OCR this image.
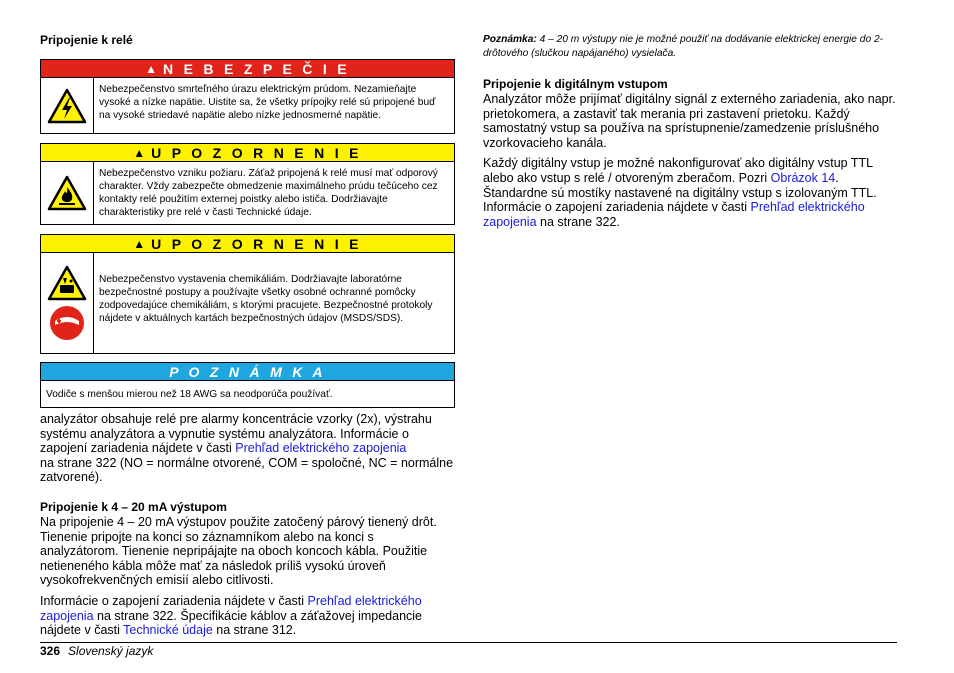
Pripojenie k relé
▲ N E B E Z P E Č I E
Nebezpečenstvo smrteľného úrazu elektrickým prúdom. Nezamieňajte vysoké a nízke napätie. Uistite sa, že všetky prípojky relé sú pripojené buď na vysoké striedavé napätie alebo nízke jednosmerné napätie.
▲ U P O Z O R N E N I E
Nebezpečenstvo vzniku požiaru. Záťaž pripojená k relé musí mať odporový charakter. Vždy zabezpečte obmedzenie maximálneho prúdu tečúceho cez kontakty relé použitím externej poistky alebo ističa. Dodržiavajte charakteristiky pre relé v časti Technické údaje.
▲ U P O Z O R N E N I E
Nebezpečenstvo vystavenia chemikáliám. Dodržiavajte laboratórne bezpečnostné postupy a používajte všetky osobné ochranné pomôcky zodpovedajúce chemikáliám, s ktorými pracujete. Bezpečnostné protokoly nájdete v aktuálnych kartách bezpečnostných údajov (MSDS/SDS).
P O Z N Á M K A
Vodiče s menšou mierou než 18 AWG sa neodporúča používať.

analyzátor obsahuje relé pre alarmy koncentrácie vzorky (2x), výstrahu systému analyzátora a vypnutie systému analyzátora. Informácie o zapojení zariadenia nájdete v časti Prehľad elektrického zapojenia
na strane 322 (NO = normálne otvorené, COM = spoločné, NC = normálne zatvorené).

Pripojenie k 4 – 20 mA výstupom

Na pripojenie 4 – 20 mA výstupov použite zatočený párový tienený drôt. Tienenie pripojte na konci so záznamníkom alebo na konci s analyzátorom. Tienenie nepripájajte na oboch koncoch kábla. Použitie netieneného kábla môže mať za následok príliš vysokú úroveň vysokofrekvenčných emisií alebo citlivosti.

Informácie o zapojení zariadenia nájdete v časti Prehľad elektrického zapojenia na strane 322. Špecifikácie káblov a záťažovej impedancie nájdete v časti Technické údaje na strane 312.

Poznámka: 4 – 20 m výstupy nie je možné použiť na dodávanie elektrickej energie do 2-drôtového (slučkou napájaného) vysielača.

Pripojenie k digitálnym vstupom

Analyzátor môže prijímať digitálny signál z externého zariadenia, ako napr. prietokomera, a zastaviť tak merania pri zastavení prietoku. Každý samostatný vstup sa používa na sprístupnenie/zamedzenie príslušného vzorkovacieho kanála.

Každý digitálny vstup je možné nakonfigurovať ako digitálny vstup TTL alebo ako vstup s relé / otvoreným zberačom. Pozri Obrázok 14. Štandardne sú mostíky nastavené na digitálny vstup s izolovaným TTL. Informácie o zapojení zariadenia nájdete v časti Prehľad elektrického zapojenia na strane 322.

326 Slovenský jazyk
